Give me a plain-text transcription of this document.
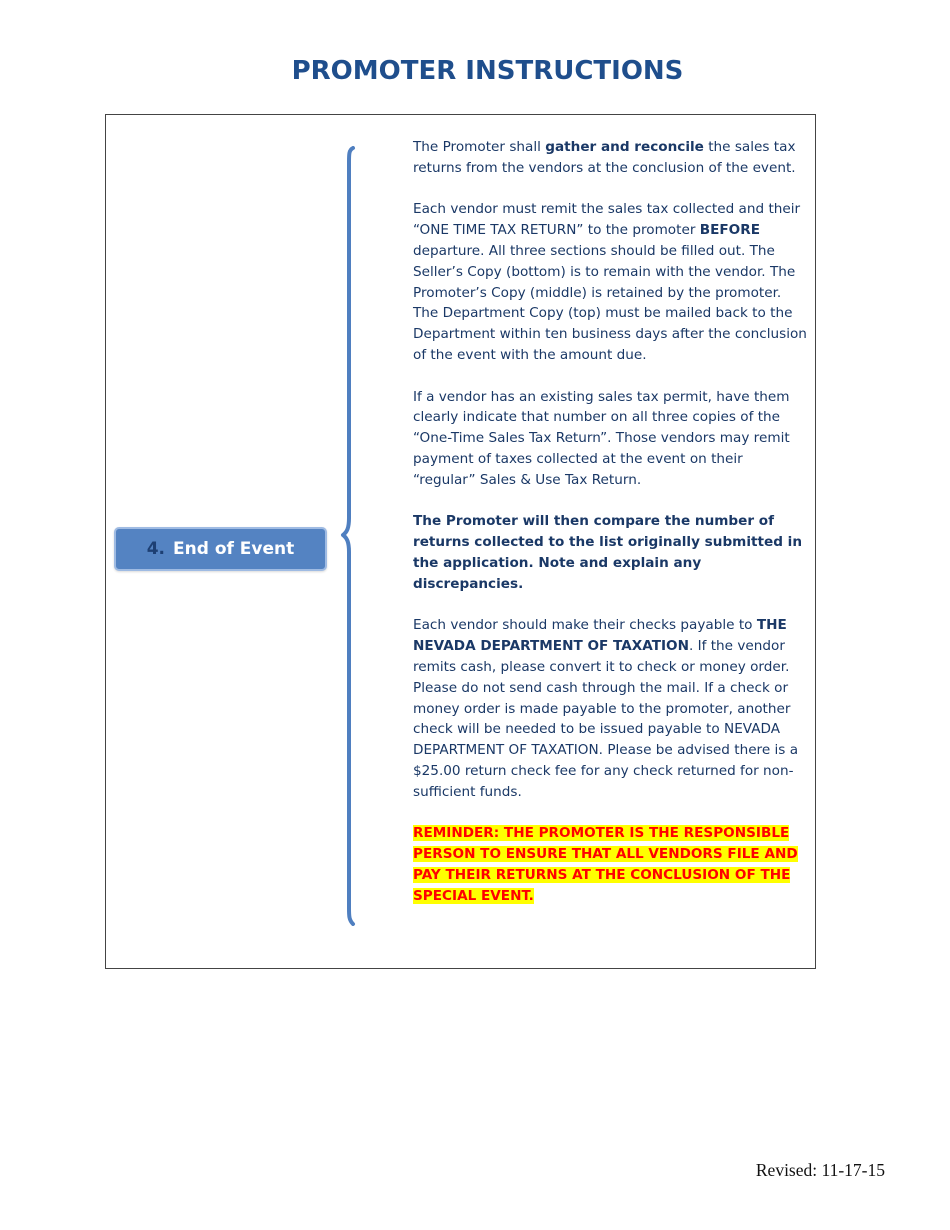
PROMOTER INSTRUCTIONS
4. End of Event

The Promoter shall gather and reconcile the sales tax returns from the vendors at the conclusion of the event.

Each vendor must remit the sales tax collected and their “ONE TIME TAX RETURN” to the promoter BEFORE departure. All three sections should be filled out. The Seller’s Copy (bottom) is to remain with the vendor. The Promoter’s Copy (middle) is retained by the promoter. The Department Copy (top) must be mailed back to the Department within ten business days after the conclusion of the event with the amount due.

If a vendor has an existing sales tax permit, have them clearly indicate that number on all three copies of the “One-Time Sales Tax Return”. Those vendors may remit payment of taxes collected at the event on their “regular” Sales & Use Tax Return.

The Promoter will then compare the number of returns collected to the list originally submitted in the application. Note and explain any discrepancies.

Each vendor should make their checks payable to THE NEVADA DEPARTMENT OF TAXATION. If the vendor remits cash, please convert it to check or money order. Please do not send cash through the mail. If a check or money order is made payable to the promoter, another check will be needed to be issued payable to NEVADA DEPARTMENT OF TAXATION. Please be advised there is a $25.00 return check fee for any check returned for non-sufficient funds.

REMINDER: THE PROMOTER IS THE RESPONSIBLE PERSON TO ENSURE THAT ALL VENDORS FILE AND PAY THEIR RETURNS AT THE CONCLUSION OF THE SPECIAL EVENT.

Revised: 11-17-15
